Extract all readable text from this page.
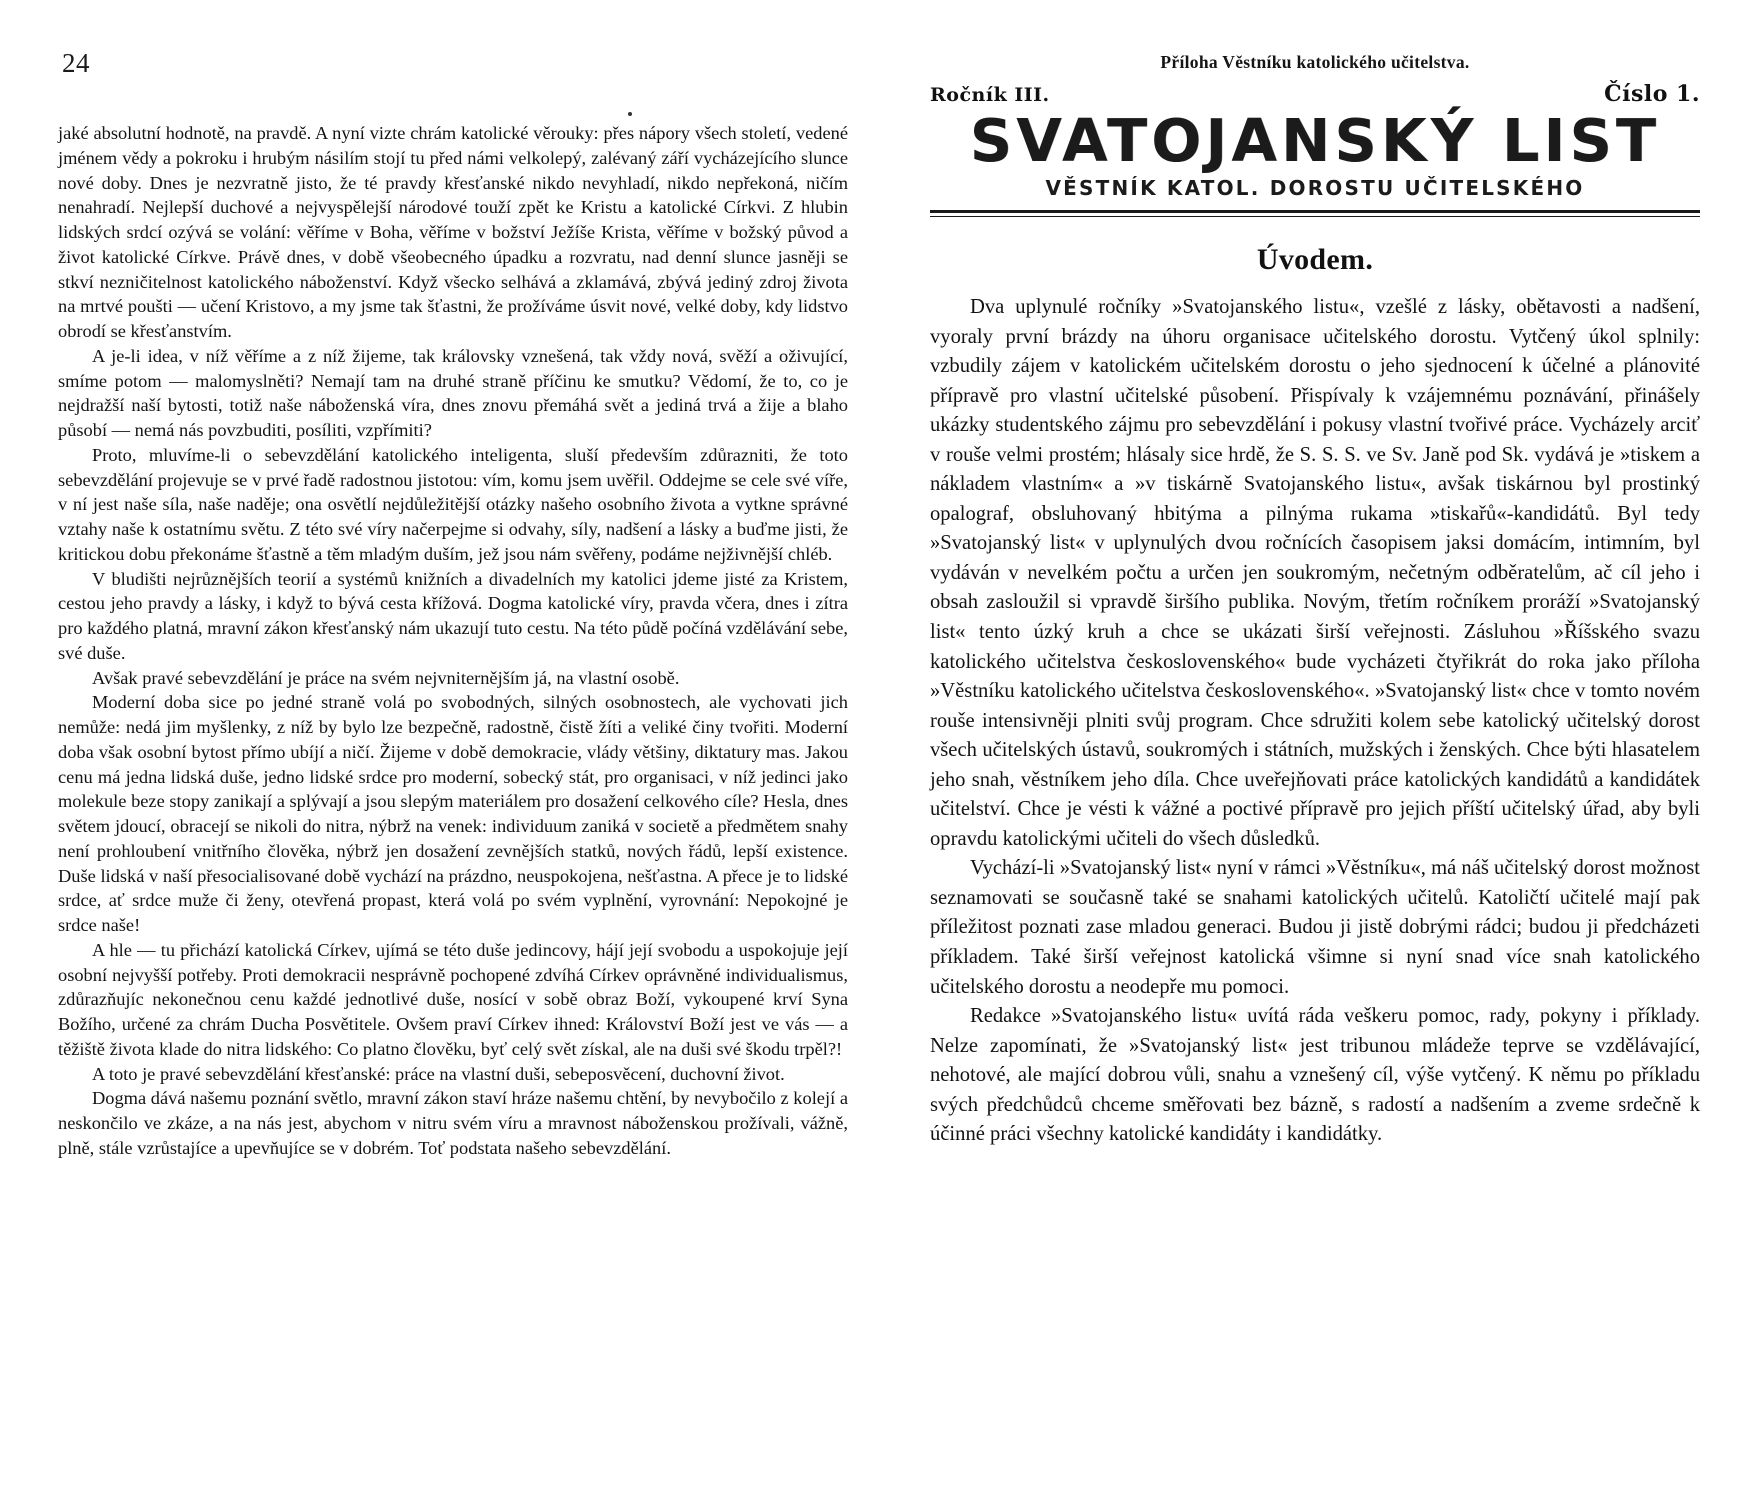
24

jaké absolutní hodnotě, na pravdě. A nyní vizte chrám katolické věrouky: přes nápory všech století, vedené jménem vědy a pokroku i hrubým násilím stojí tu před námi velkolepý, zalévaný září vycházejícího slunce nové doby. Dnes je nezvratně jisto, že té pravdy křesťanské nikdo nevyhladí, nikdo nepřekoná, ničím nenahradí. Nejlepší duchové a nejvyspělejší národové touží zpět ke Kristu a katolické Církvi. Z hlubin lidských srdcí ozývá se volání: věříme v Boha, věříme v božství Ježíše Krista, věříme v božský původ a život katolické Církve. Právě dnes, v době všeobecného úpadku a rozvratu, nad denní slunce jasněji se stkví nezničitelnost katolického náboženství. Když všecko selhává a zklamává, zbývá jediný zdroj života na mrtvé poušti — učení Kristovo, a my jsme tak šťastni, že prožíváme úsvit nové, velké doby, kdy lidstvo obrodí se křesťanstvím.

A je-li idea, v níž věříme a z níž žijeme, tak královsky vznešená, tak vždy nová, svěží a oživující, smíme potom — malomyslněti? Nemají tam na druhé straně příčinu ke smutku? Vědomí, že to, co je nejdražší naší bytosti, totiž naše náboženská víra, dnes znovu přemáhá svět a jediná trvá a žije a blaho působí — nemá nás povzbuditi, posíliti, vzpřímiti?

Proto, mluvíme-li o sebevzdělání katolického inteligenta, sluší především zdůrazniti, že toto sebevzdělání projevuje se v prvé řadě radostnou jistotou: vím, komu jsem uvěřil. Oddejme se cele své víře, v ní jest naše síla, naše naděje; ona osvětlí nejdůležitější otázky našeho osobního života a vytkne správné vztahy naše k ostatnímu světu. Z této své víry načerpejme si odvahy, síly, nadšení a lásky a buďme jisti, že kritickou dobu překonáme šťastně a těm mladým duším, jež jsou nám svěřeny, podáme nejživnější chléb.

V bludišti nejrůznějších teorií a systémů knižních a divadelních my katolici jdeme jisté za Kristem, cestou jeho pravdy a lásky, i když to bývá cesta křížová. Dogma katolické víry, pravda včera, dnes i zítra pro každého platná, mravní zákon křesťanský nám ukazují tuto cestu. Na této půdě počíná vzdělávání sebe, své duše.

Avšak pravé sebevzdělání je práce na svém nejvniternějším já, na vlastní osobě.

Moderní doba sice po jedné straně volá po svobodných, silných osobnostech, ale vychovati jich nemůže: nedá jim myšlenky, z níž by bylo lze bezpečně, radostně, čistě žíti a veliké činy tvořiti. Moderní doba však osobní bytost přímo ubíjí a ničí. Žijeme v době demokracie, vlády většiny, diktatury mas. Jakou cenu má jedna lidská duše, jedno lidské srdce pro moderní, sobecký stát, pro organisaci, v níž jedinci jako molekule beze stopy zanikají a splývají a jsou slepým materiálem pro dosažení celkového cíle? Hesla, dnes světem jdoucí, obracejí se nikoli do nitra, nýbrž na venek: individuum zaniká v societě a předmětem snahy není prohloubení vnitřního člověka, nýbrž jen dosažení zevnějších statků, nových řádů, lepší existence. Duše lidská v naší přesocialisované době vychází na prázdno, neuspokojena, nešťastna. A přece je to lidské srdce, ať srdce muže či ženy, otevřená propast, která volá po svém vyplnění, vyrovnání: Nepokojné je srdce naše!

A hle — tu přichází katolická Církev, ujímá se této duše jedincovy, hájí její svobodu a uspokojuje její osobní nejvyšší potřeby. Proti demokracii nesprávně pochopené zdvíhá Církev oprávněné individualismus, zdůrazňujíc nekonečnou cenu každé jednotlivé duše, nosící v sobě obraz Boží, vykoupené krví Syna Božího, určené za chrám Ducha Posvětitele. Ovšem praví Církev ihned: Království Boží jest ve vás — a těžiště života klade do nitra lidského: Co platno člověku, byť celý svět získal, ale na duši své škodu trpěl?!

A toto je pravé sebevzdělání křesťanské: práce na vlastní duši, sebeposvěcení, duchovní život.

Dogma dává našemu poznání světlo, mravní zákon staví hráze našemu chtění, by nevybočilo z kolejí a neskončilo ve zkáze, a na nás jest, abychom v nitru svém víru a mravnost náboženskou prožívali, vážně, plně, stále vzrůstajíce a upevňujíce se v dobrém. Toť podstata našeho sebevzdělání.

Příloha Věstníku katolického učitelstva.
Ročník III.	Číslo 1.
SVATOJANSKÝ LIST
VĚSTNÍK KATOL. DOROSTU UČITELSKÉHO
Úvodem.

Dva uplynulé ročníky »Svatojanského listu«, vzešlé z lásky, obětavosti a nadšení, vyoraly první brázdy na úhoru organisace učitelského dorostu. Vytčený úkol splnily: vzbudily zájem v katolickém učitelském dorostu o jeho sjednocení k účelné a plánovité přípravě pro vlastní učitelské působení. Přispívaly k vzájemnému poznávání, přinášely ukázky studentského zájmu pro sebevzdělání i pokusy vlastní tvořivé práce. Vycházely arciť v rouše velmi prostém; hlásaly sice hrdě, že S. S. S. ve Sv. Janě pod Sk. vydává je »tiskem a nákladem vlastním« a »v tiskárně Svatojanského listu«, avšak tiskárnou byl prostinký opalograf, obsluhovaný hbitýma a pilnýma rukama »tiskařů«-kandidátů. Byl tedy »Svatojanský list« v uplynulých dvou ročnících časopisem jaksi domácím, intimním, byl vydáván v nevelkém počtu a určen jen soukromým, nečetným odběratelům, ač cíl jeho i obsah zasloužil si vpravdě širšího publika. Novým, třetím ročníkem proráží »Svatojanský list« tento úzký kruh a chce se ukázati širší veřejnosti. Zásluhou »Říšského svazu katolického učitelstva československého« bude vycházeti čtyřikrát do roka jako příloha »Věstníku katolického učitelstva československého«. »Svatojanský list« chce v tomto novém rouše intensivněji plniti svůj program. Chce sdružiti kolem sebe katolický učitelský dorost všech učitelských ústavů, soukromých i státních, mužských i ženských. Chce býti hlasatelem jeho snah, věstníkem jeho díla. Chce uveřejňovati práce katolických kandidátů a kandidátek učitelství. Chce je vésti k vážné a poctivé přípravě pro jejich příští učitelský úřad, aby byli opravdu katolickými učiteli do všech důsledků.

Vychází-li »Svatojanský list« nyní v rámci »Věstníku«, má náš učitelský dorost možnost seznamovati se současně také se snahami katolických učitelů. Katoličtí učitelé mají pak příležitost poznati zase mladou generaci. Budou ji jistě dobrými rádci; budou ji předcházeti příkladem. Také širší veřejnost katolická všimne si nyní snad více snah katolického učitelského dorostu a neodepře mu pomoci.

Redakce »Svatojanského listu« uvítá ráda veškeru pomoc, rady, pokyny i příklady. Nelze zapomínati, že »Svatojanský list« jest tribunou mládeže teprve se vzdělávající, nehotové, ale mající dobrou vůli, snahu a vznešený cíl, výše vytčený. K němu po příkladu svých předchůdců chceme směřovati bez bázně, s radostí a nadšením a zveme srdečně k účinné práci všechny katolické kandidáty i kandidátky.
